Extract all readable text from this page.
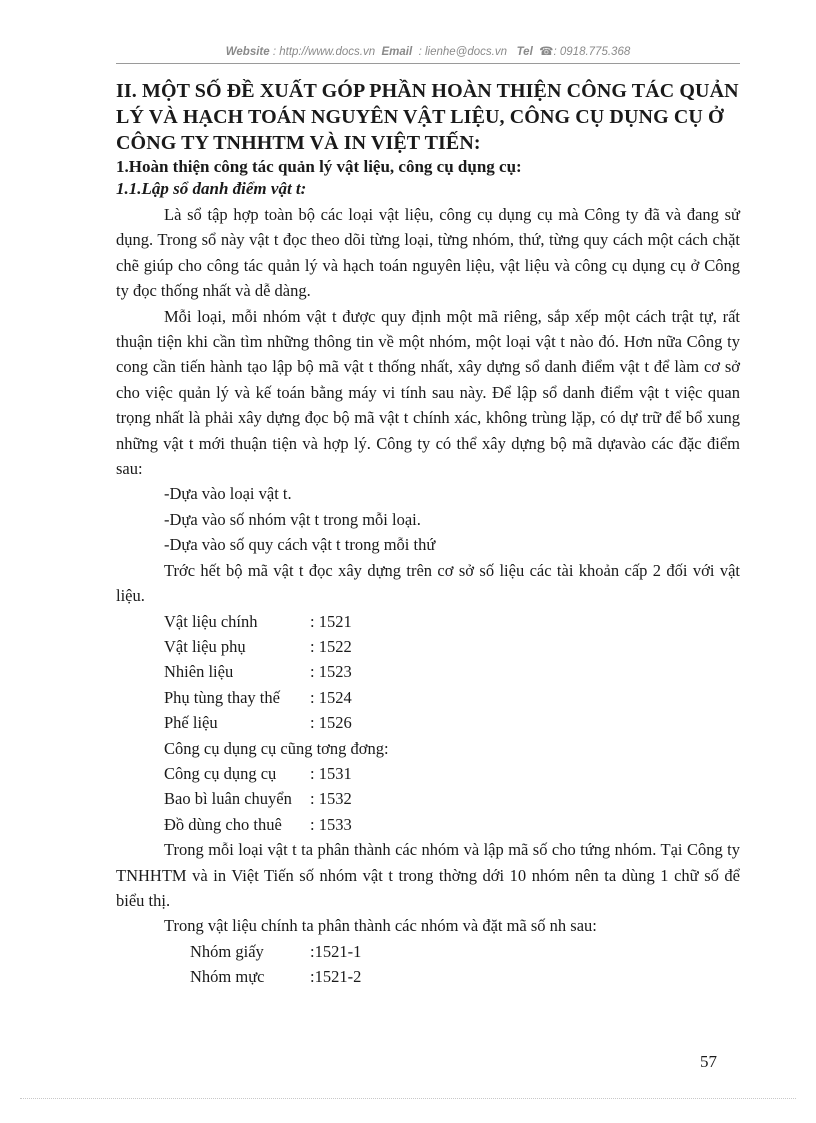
Website : http://www.docs.vn Email : lienhe@docs.vn Tel ☎: 0918.775.368
II. MỘT SỐ ĐỀ XUẤT GÓP PHẦN HOÀN THIỆN CÔNG TÁC QUẢN LÝ VÀ HẠCH TOÁN NGUYÊN VẬT LIỆU, CÔNG CỤ DỤNG CỤ Ở CÔNG TY TNHHTM VÀ IN VIỆT TIẾN:
1.Hoàn thiện công tác quản lý vật liệu, công cụ dụng cụ:
1.1.Lập sổ danh điểm vật t:

Là sổ tập hợp toàn bộ các loại vật liệu, công cụ dụng cụ mà Công ty đã và đang sử dụng. Trong sổ này vật t đọc theo dõi từng loại, từng nhóm, thứ, từng quy cách một cách chặt chẽ giúp cho công tác quản lý và hạch toán nguyên liệu, vật liệu và công cụ dụng cụ ở Công ty đọc thống nhất và dễ dàng.

Mỗi loại, mỗi nhóm vật t được quy định một mã riêng, sắp xếp một cách trật tự, rất thuận tiện khi cần tìm những thông tin về một nhóm, một loại vật t nào đó. Hơn nữa Công ty cong cần tiến hành tạo lập bộ mã vật t thống nhất, xây dựng sổ danh điểm vật t để làm cơ sở cho việc quản lý và kế toán bằng máy vi tính sau này. Để lập sổ danh điểm vật t việc quan trọng nhất là phải xây dựng đọc bộ mã vật t chính xác, không trùng lặp, có dự trữ để bổ xung những vật t mới thuận tiện và hợp lý. Công ty có thể xây dựng bộ mã dựavào các đặc điểm sau:

-Dựa vào loại vật t.
-Dựa vào số nhóm vật t trong mỗi loại.
-Dựa vào số quy cách vật t trong mỗi thứ

Trớc hết bộ mã vật t đọc xây dựng trên cơ sở số liệu các tài khoản cấp 2 đối với vật liệu.

Vật liệu chính	: 1521
Vật liệu phụ	: 1522
Nhiên liệu	: 1523
Phụ tùng thay thế	: 1524
Phế liệu	: 1526
Công cụ dụng cụ cũng tơng đơng:
Công cụ dụng cụ	: 1531
Bao bì luân chuyển	: 1532
Đồ dùng cho thuê	: 1533

Trong mỗi loại vật t ta phân thành các nhóm và lập mã số cho tứng nhóm. Tại Công ty TNHHTM và in Việt Tiến số nhóm vật t trong thờng dới 10 nhóm nên ta dùng 1 chữ số để biểu thị.

Trong vật liệu chính ta phân thành các nhóm và đặt mã số nh sau:
Nhóm giấy	:1521-1
Nhóm mực	:1521-2
57
